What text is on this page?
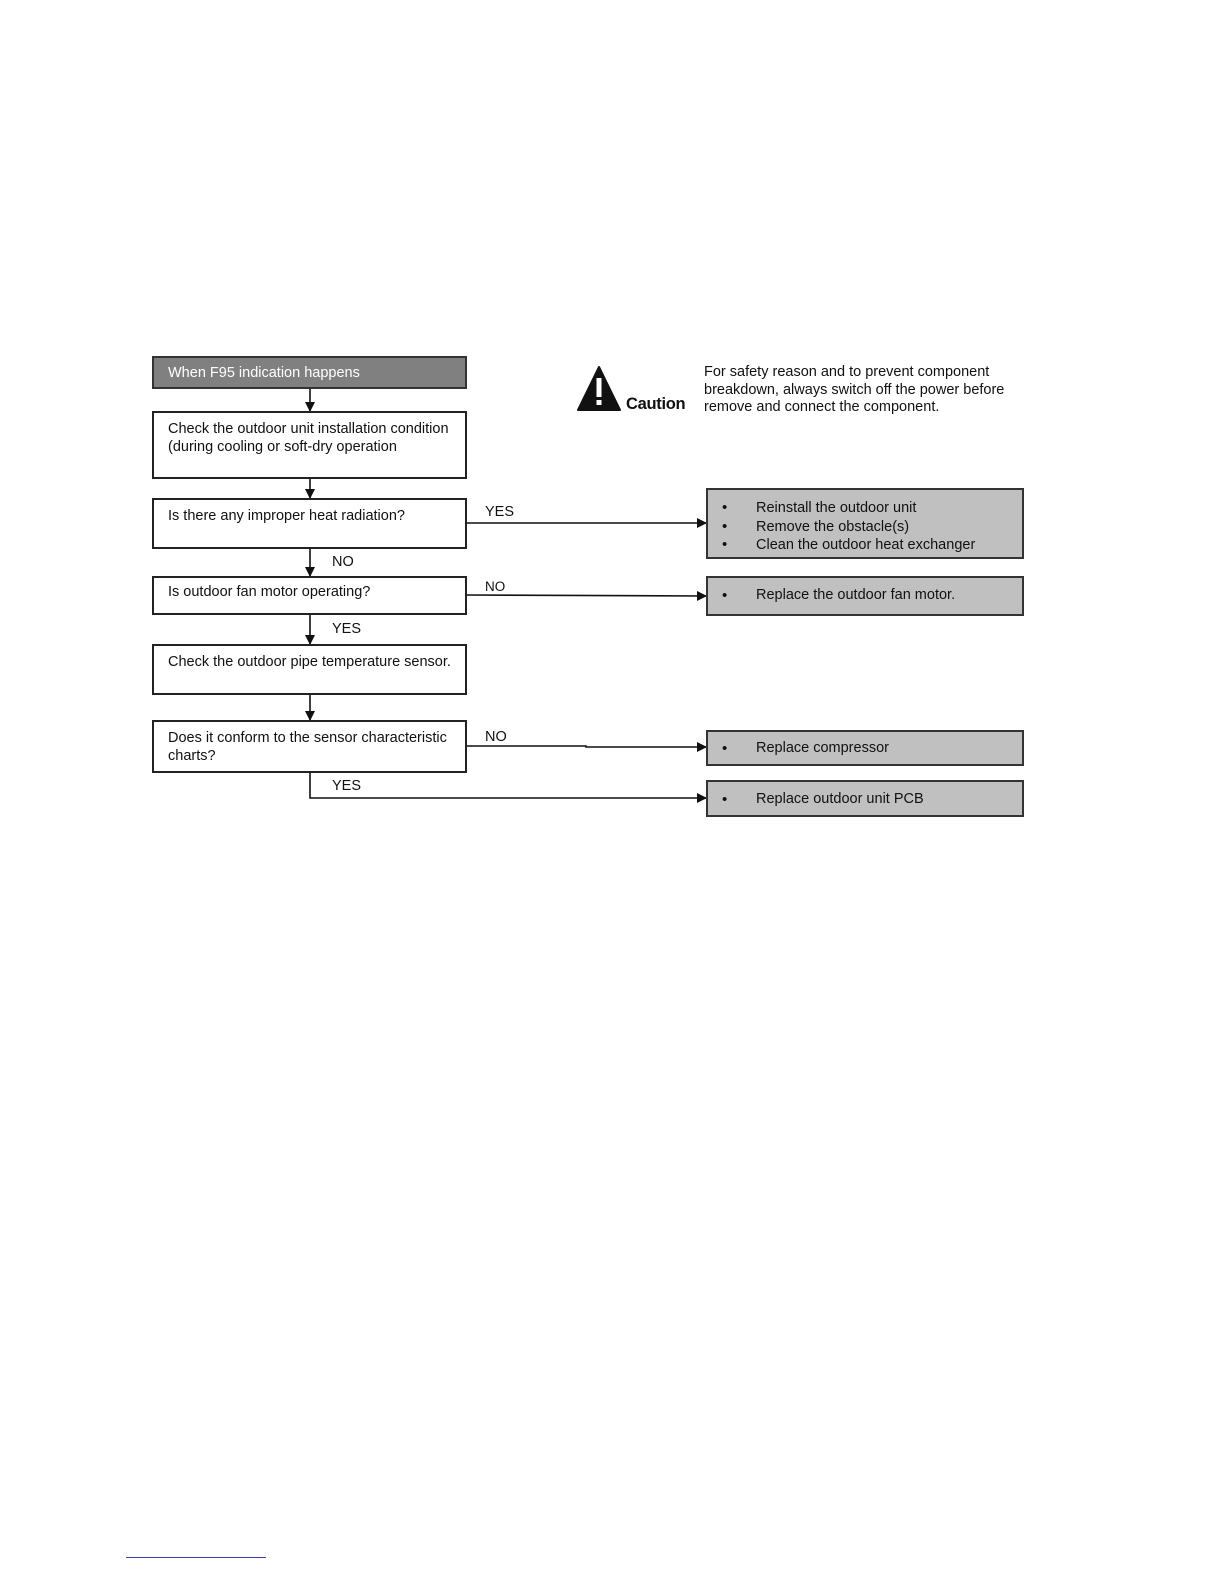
When F95 indication happens
Check the outdoor unit installation condition (during cooling or soft-dry operation
Is there any improper heat radiation?
Is outdoor fan motor operating?
Check the outdoor pipe temperature sensor.
Does it conform to the sensor characteristic charts?
YES
NO
NO
YES
NO
YES
• Reinstall the outdoor unit
• Remove the obstacle(s)
• Clean the outdoor heat exchanger
• Replace the outdoor fan motor.
• Replace compressor
• Replace outdoor unit PCB
Caution
For safety reason and to prevent component breakdown, always switch off the power before remove and connect the component.
